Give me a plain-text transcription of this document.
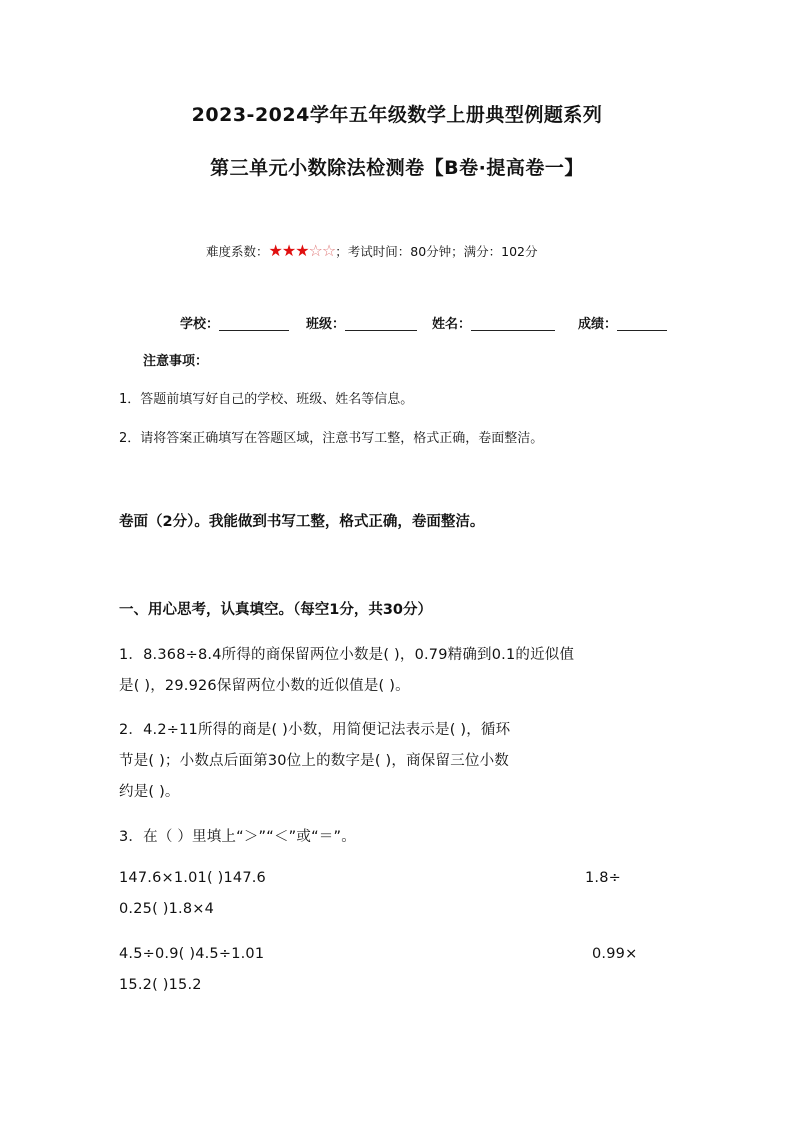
2023-2024学年五年级数学上册典型例题系列
第三单元小数除法检测卷【B卷·提高卷一】
难度系数：★★★☆☆；考试时间：80分钟；满分：102分
学校：	班级：	姓名：	成绩：
注意事项：
1．答题前填写好自己的学校、班级、姓名等信息。
2．请将答案正确填写在答题区域，注意书写工整，格式正确，卷面整洁。
卷面（2分）。我能做到书写工整，格式正确，卷面整洁。
一、用心思考，认真填空。（每空1分，共30分）
1．8.368÷8.4所得的商保留两位小数是( )，0.79精确到0.1的近似值
是( )，29.926保留两位小数的近似值是( )。
2．4.2÷11所得的商是( )小数，用简便记法表示是( )，循环
节是( )；小数点后面第30位上的数字是( )，商保留三位小数
约是( )。
3．在（ ）里填上“＞”“＜”或“＝”。
147.6×1.01( )147.6	1.8÷
0.25( )1.8×4
4.5÷0.9( )4.5÷1.01	0.99×
15.2( )15.2
